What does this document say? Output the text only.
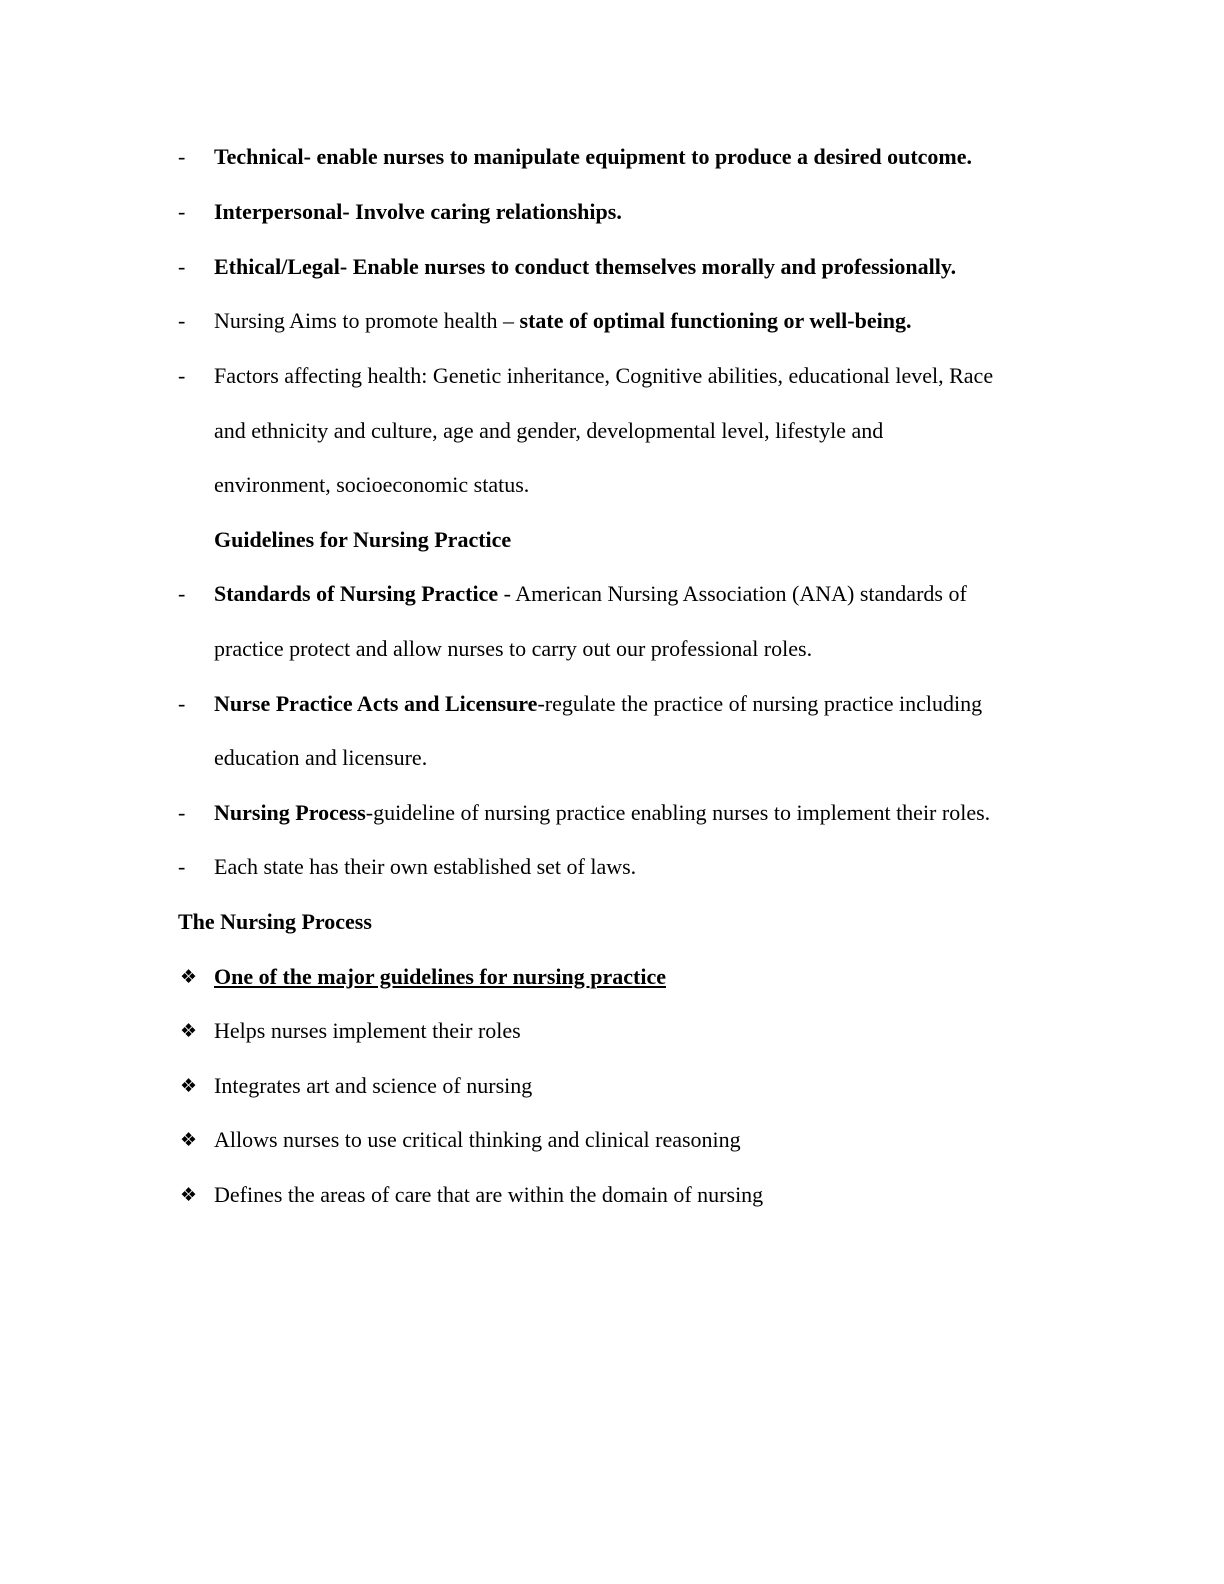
- Technical- enable nurses to manipulate equipment to produce a desired outcome.
- Interpersonal- Involve caring relationships.
- Ethical/Legal- Enable nurses to conduct themselves morally and professionally.
- Nursing Aims to promote health – state of optimal functioning or well-being.
- Factors affecting health: Genetic inheritance, Cognitive abilities, educational level, Race
and ethnicity and culture, age and gender, developmental level, lifestyle and
environment, socioeconomic status.
Guidelines for Nursing Practice
- Standards of Nursing Practice - American Nursing Association (ANA) standards of
practice protect and allow nurses to carry out our professional roles.
- Nurse Practice Acts and Licensure-regulate the practice of nursing practice including
education and licensure.
- Nursing Process-guideline of nursing practice enabling nurses to implement their roles.
- Each state has their own established set of laws.
The Nursing Process
❖ One of the major guidelines for nursing practice
❖ Helps nurses implement their roles
❖ Integrates art and science of nursing
❖ Allows nurses to use critical thinking and clinical reasoning
❖ Defines the areas of care that are within the domain of nursing
